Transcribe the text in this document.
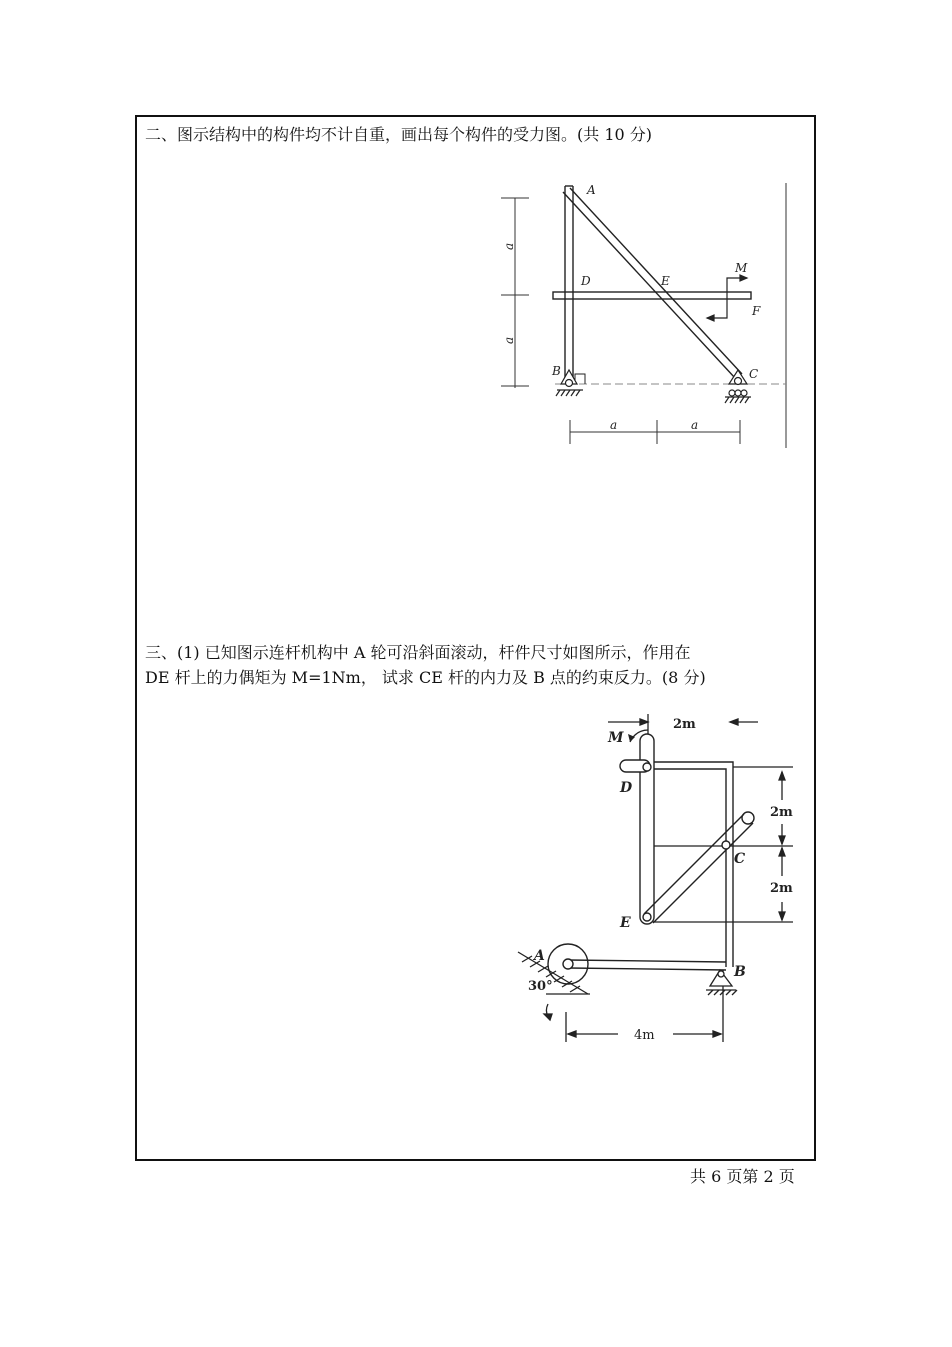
二、图示结构中的构件均不计自重，画出每个构件的受力图。(共 10 分)
A
D	E
M
F
B	C
a
a
a	a
三、(1) 已知图示连杆机构中 A 轮可沿斜面滚动，杆件尺寸如图所示，作用在
DE 杆上的力偶矩为 M=1Nm， 试求 CE 杆的内力及 B 点的约束反力。(8 分)
2m
2m
2m
4m
30°
M
D
C
E
A
B
共 6 页第 2 页
